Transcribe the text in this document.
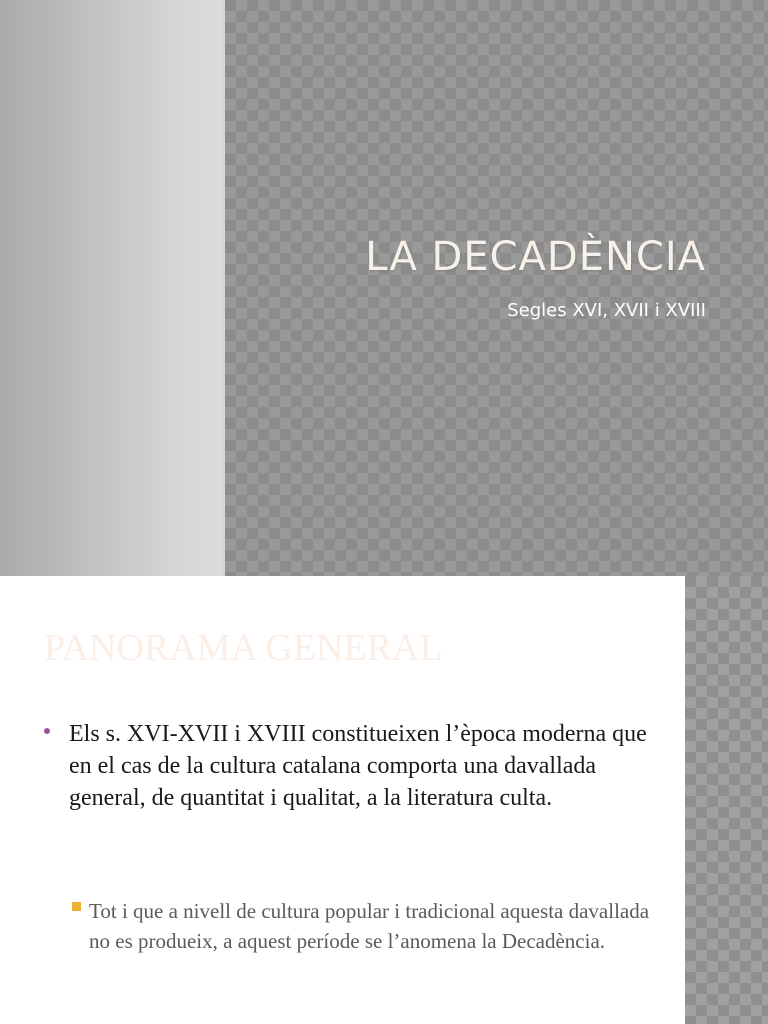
LA DECADÈNCIA
Segles XVI, XVII i XVIII
PANORAMA GENERAL
Els s. XVI-XVII i XVIII constitueixen l’època moderna que en el cas de la cultura catalana comporta una davallada general, de quantitat i qualitat, a la literatura culta.
Tot i que a nivell de cultura popular i tradicional aquesta davallada no es produeix, a aquest període se l’anomena la Decadència.
